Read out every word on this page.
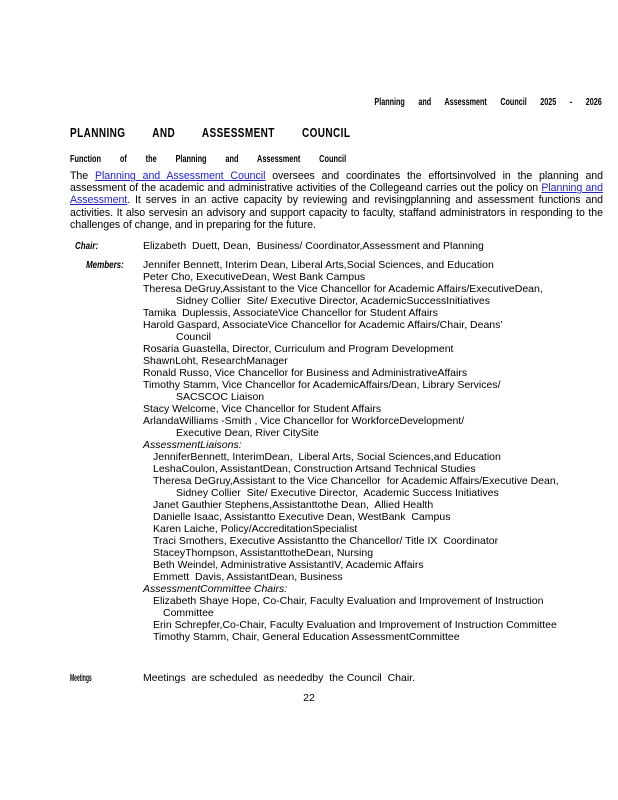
Planning and Assessment Council 2025 - 2026
PLANNING AND ASSESSMENT COUNCIL
Function of the Planning and Assessment Council

The Planning and Assessment Council oversees and coordinates the effortsinvolved in the planning and assessment of the academic and administrative activities of the Collegeand carries out the policy on Planning and Assessment. It serves in an active capacity by reviewing and revisingplanning and assessment functions and activities. It also servesin an advisory and support capacity to faculty, staffand administrators in responding to the challenges of change, and in preparing for the future.

Chair:	Elizabeth  Duett, Dean,  Business/ Coordinator,Assessment and Planning
Members: Jennifer Bennett, Interim Dean, Liberal Arts,Social Sciences, and Education
Peter Cho, ExecutiveDean, West Bank Campus
Theresa DeGruy,Assistant to the Vice Chancellor for Academic Affairs/ExecutiveDean,
Sidney Collier  Site/ Executive Director, AcademicSuccessInitiatives
Tamika  Duplessis, AssociateVice Chancellor for Student Affairs
Harold Gaspard, AssociateVice Chancellor for Academic Affairs/Chair, Deans’
Council
Rosaria Guastella, Director, Curriculum and Program Development
ShawnLoht, ResearchManager
Ronald Russo, Vice Chancellor for Business and AdministrativeAffairs
Timothy Stamm, Vice Chancellor for AcademicAffairs/Dean, Library Services/
SACSCOC Liaison
Stacy Welcome, Vice Chancellor for Student Affairs
ArlandaWilliams -Smith , Vice Chancellor for WorkforceDevelopment/
Executive Dean, River CitySite
AssessmentLiaisons:
JenniferBennett, InterimDean,  Liberal Arts, Social Sciences,and Education
LeshaCoulon, AssistantDean, Construction Artsand Technical Studies
Theresa DeGruy,Assistant to the Vice Chancellor  for Academic Affairs/Executive Dean,
Sidney Collier  Site/ Executive Director,  Academic Success Initiatives
Janet Gauthier Stephens,Assistanttothe Dean,  Allied Health
Danielle Isaac, Assistantto Executive Dean, WestBank  Campus
Karen Laiche, Policy/AccreditationSpecialist
Traci Smothers, Executive Assistantto the Chancellor/ Title IX  Coordinator
StaceyThompson, AssistanttotheDean, Nursing
Beth Weindel, Administrative AssistantIV, Academic Affairs
Emmett  Davis, AssistantDean, Business
AssessmentCommittee Chairs:
Elizabeth Shaye Hope, Co-Chair, Faculty Evaluation and Improvement of Instruction
Committee
Erin Schrepfer,Co-Chair, Faculty Evaluation and Improvement of Instruction Committee
Timothy Stamm, Chair, General Education AssessmentCommittee
Meetings	Meetings  are scheduled  as neededby  the Council  Chair.
22
